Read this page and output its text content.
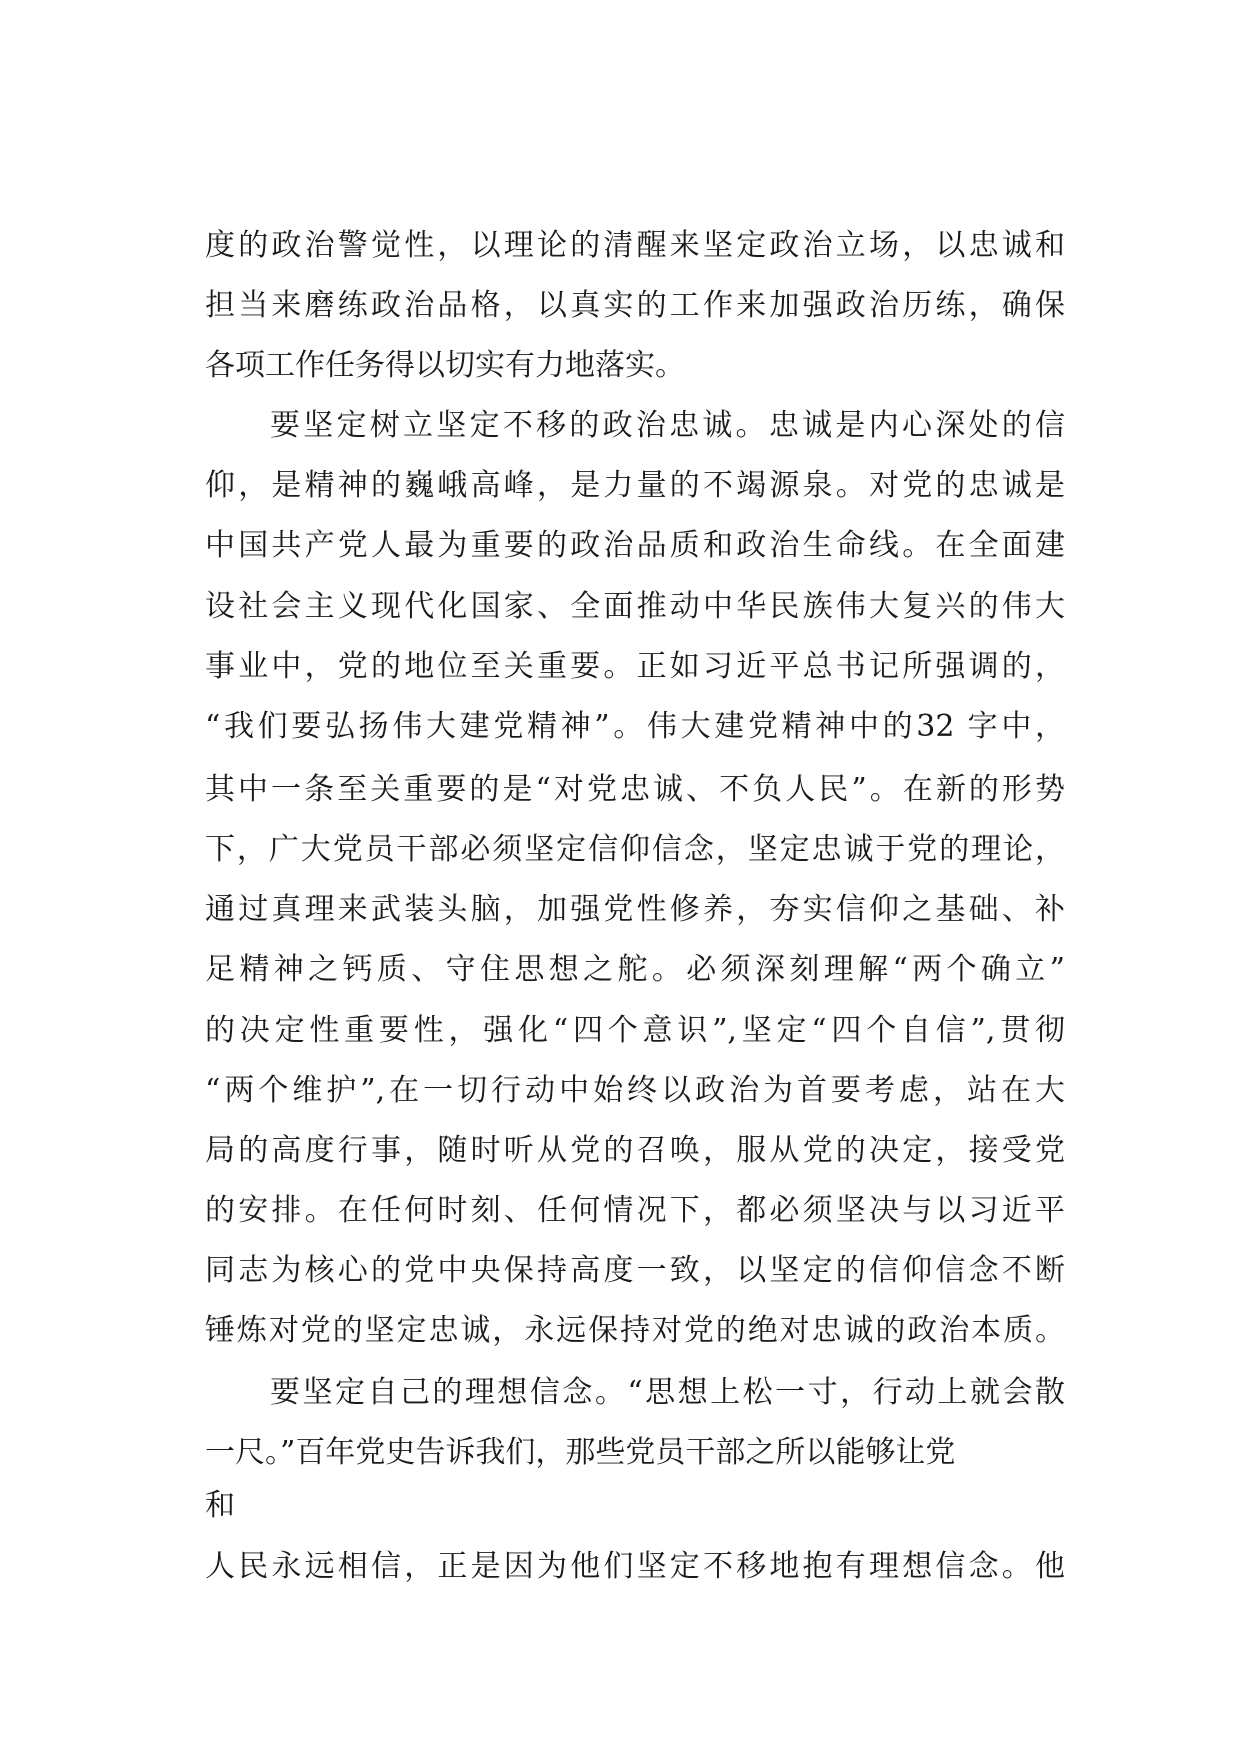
度的政治警觉性，以理论的清醒来坚定政治立场，以忠诚和
担当来磨练政治品格，以真实的工作来加强政治历练，确保
各项工作任务得以切实有力地落实。
要坚定树立坚定不移的政治忠诚。忠诚是内心深处的信
仰，是精神的巍峨高峰，是力量的不竭源泉。对党的忠诚是
中国共产党人最为重要的政治品质和政治生命线。在全面建
设社会主义现代化国家、全面推动中华民族伟大复兴的伟大
事业中，党的地位至关重要。正如习近平总书记所强调的，
“我们要弘扬伟大建党精神”。伟大建党精神中的32 字中，
其中一条至关重要的是“对党忠诚、不负人民”。在新的形势
下，广大党员干部必须坚定信仰信念，坚定忠诚于党的理论，
通过真理来武装头脑，加强党性修养，夯实信仰之基础、补
足精神之钙质、守住思想之舵。必须深刻理解“两个确立”
的决定性重要性，强化“四个意识”,坚定“四个自信”,贯彻
“两个维护”,在一切行动中始终以政治为首要考虑，站在大
局的高度行事，随时听从党的召唤，服从党的决定，接受党
的安排。在任何时刻、任何情况下，都必须坚决与以习近平
同志为核心的党中央保持高度一致，以坚定的信仰信念不断
锤炼对党的坚定忠诚，永远保持对党的绝对忠诚的政治本质。
要坚定自己的理想信念。“思想上松一寸，行动上就会散
一尺。”百年党史告诉我们，那些党员干部之所以能够让党
和
人民永远相信，正是因为他们坚定不移地抱有理想信念。他
